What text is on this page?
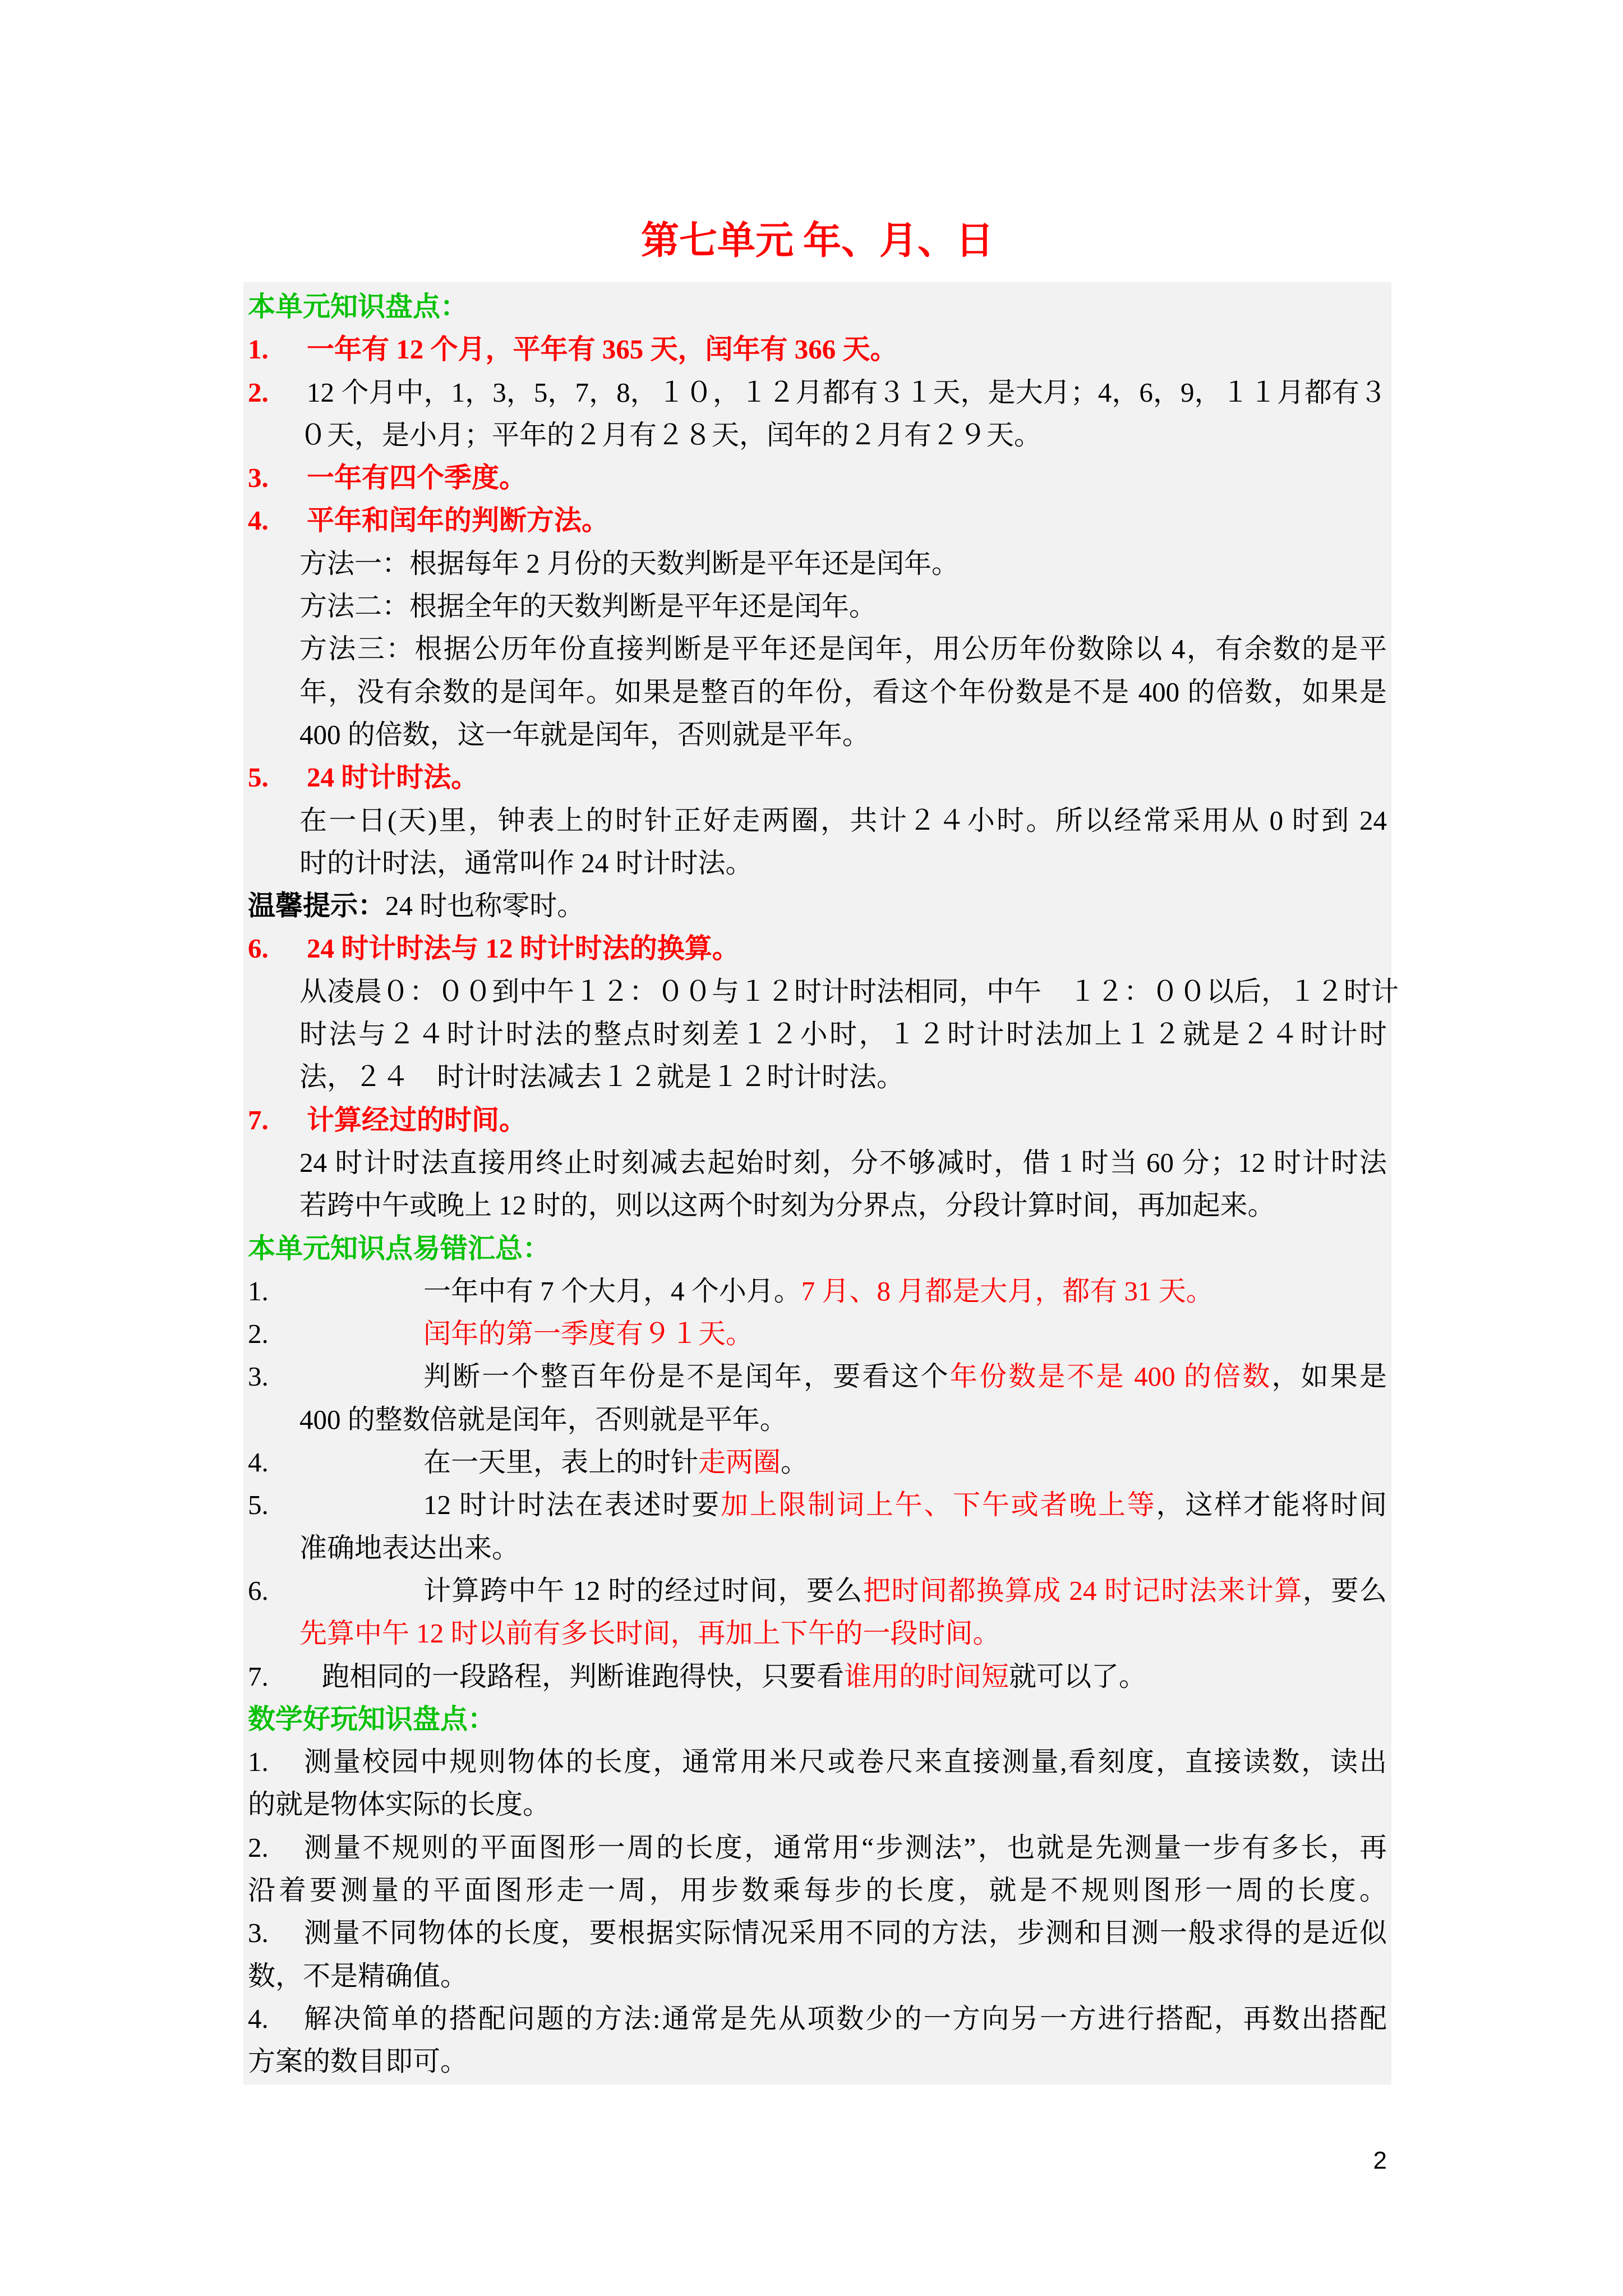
第七单元 年、月、日
本单元知识盘点：
1. 一年有 12 个月，平年有 365 天，闰年有 366 天。
2. 12 个月中，1，3，5，7，8，１０，１２月都有３１天，是大月；4，6，9，１１月都有３
０天，是小月；平年的２月有２８天，闰年的２月有２９天。
3. 一年有四个季度。
4. 平年和闰年的判断方法。
方法一：根据每年 2 月份的天数判断是平年还是闰年。
方法二：根据全年的天数判断是平年还是闰年。
方法三：根据公历年份直接判断是平年还是闰年，用公历年份数除以 4，有余数的是平
年，没有余数的是闰年。如果是整百的年份，看这个年份数是不是 400 的倍数，如果是
400 的倍数，这一年就是闰年，否则就是平年。
5. 24 时计时法。
在一日(天)里，钟表上的时针正好走两圈，共计２４小时。所以经常采用从 0 时到 24
时的计时法，通常叫作 24 时计时法。
温馨提示：24 时也称零时。
6. 24 时计时法与 12 时计时法的换算。
从凌晨０：００到中午１２：００与１２时计时法相同，中午　１２：００以后，１２时计
时法与２４时计时法的整点时刻差１２小时，１２时计时法加上１２就是２４时计时
法，２４　时计时法减去１２就是１２时计时法。
7. 计算经过的时间。
24 时计时法直接用终止时刻减去起始时刻，分不够减时，借 1 时当 60 分；12 时计时法
若跨中午或晚上 12 时的，则以这两个时刻为分界点，分段计算时间，再加起来。
本单元知识点易错汇总：
1.	一年中有 7 个大月，4 个小月。7 月、8 月都是大月，都有 31 天。
2.	闰年的第一季度有９１天。
3.	判断一个整百年份是不是闰年，要看这个年份数是不是 400 的倍数，如果是
400 的整数倍就是闰年，否则就是平年。
4.	在一天里，表上的时针走两圈。
5.	12 时计时法在表述时要加上限制词上午、下午或者晚上等，这样才能将时间
准确地表达出来。
6.	计算跨中午 12 时的经过时间，要么把时间都换算成 24 时记时法来计算，要么
先算中午 12 时以前有多长时间，再加上下午的一段时间。
7. 跑相同的一段路程，判断谁跑得快，只要看谁用的时间短就可以了。
数学好玩知识盘点：
1. 测量校园中规则物体的长度，通常用米尺或卷尺来直接测量,看刻度，直接读数，读出
的就是物体实际的长度。
2. 测量不规则的平面图形一周的长度，通常用“步测法”，也就是先测量一步有多长，再
沿着要测量的平面图形走一周，用步数乘每步的长度，就是不规则图形一周的长度。
3. 测量不同物体的长度，要根据实际情况采用不同的方法，步测和目测一般求得的是近似
数，不是精确值。
4. 解决简单的搭配问题的方法:通常是先从项数少的一方向另一方进行搭配，再数出搭配
方案的数目即可。
2
